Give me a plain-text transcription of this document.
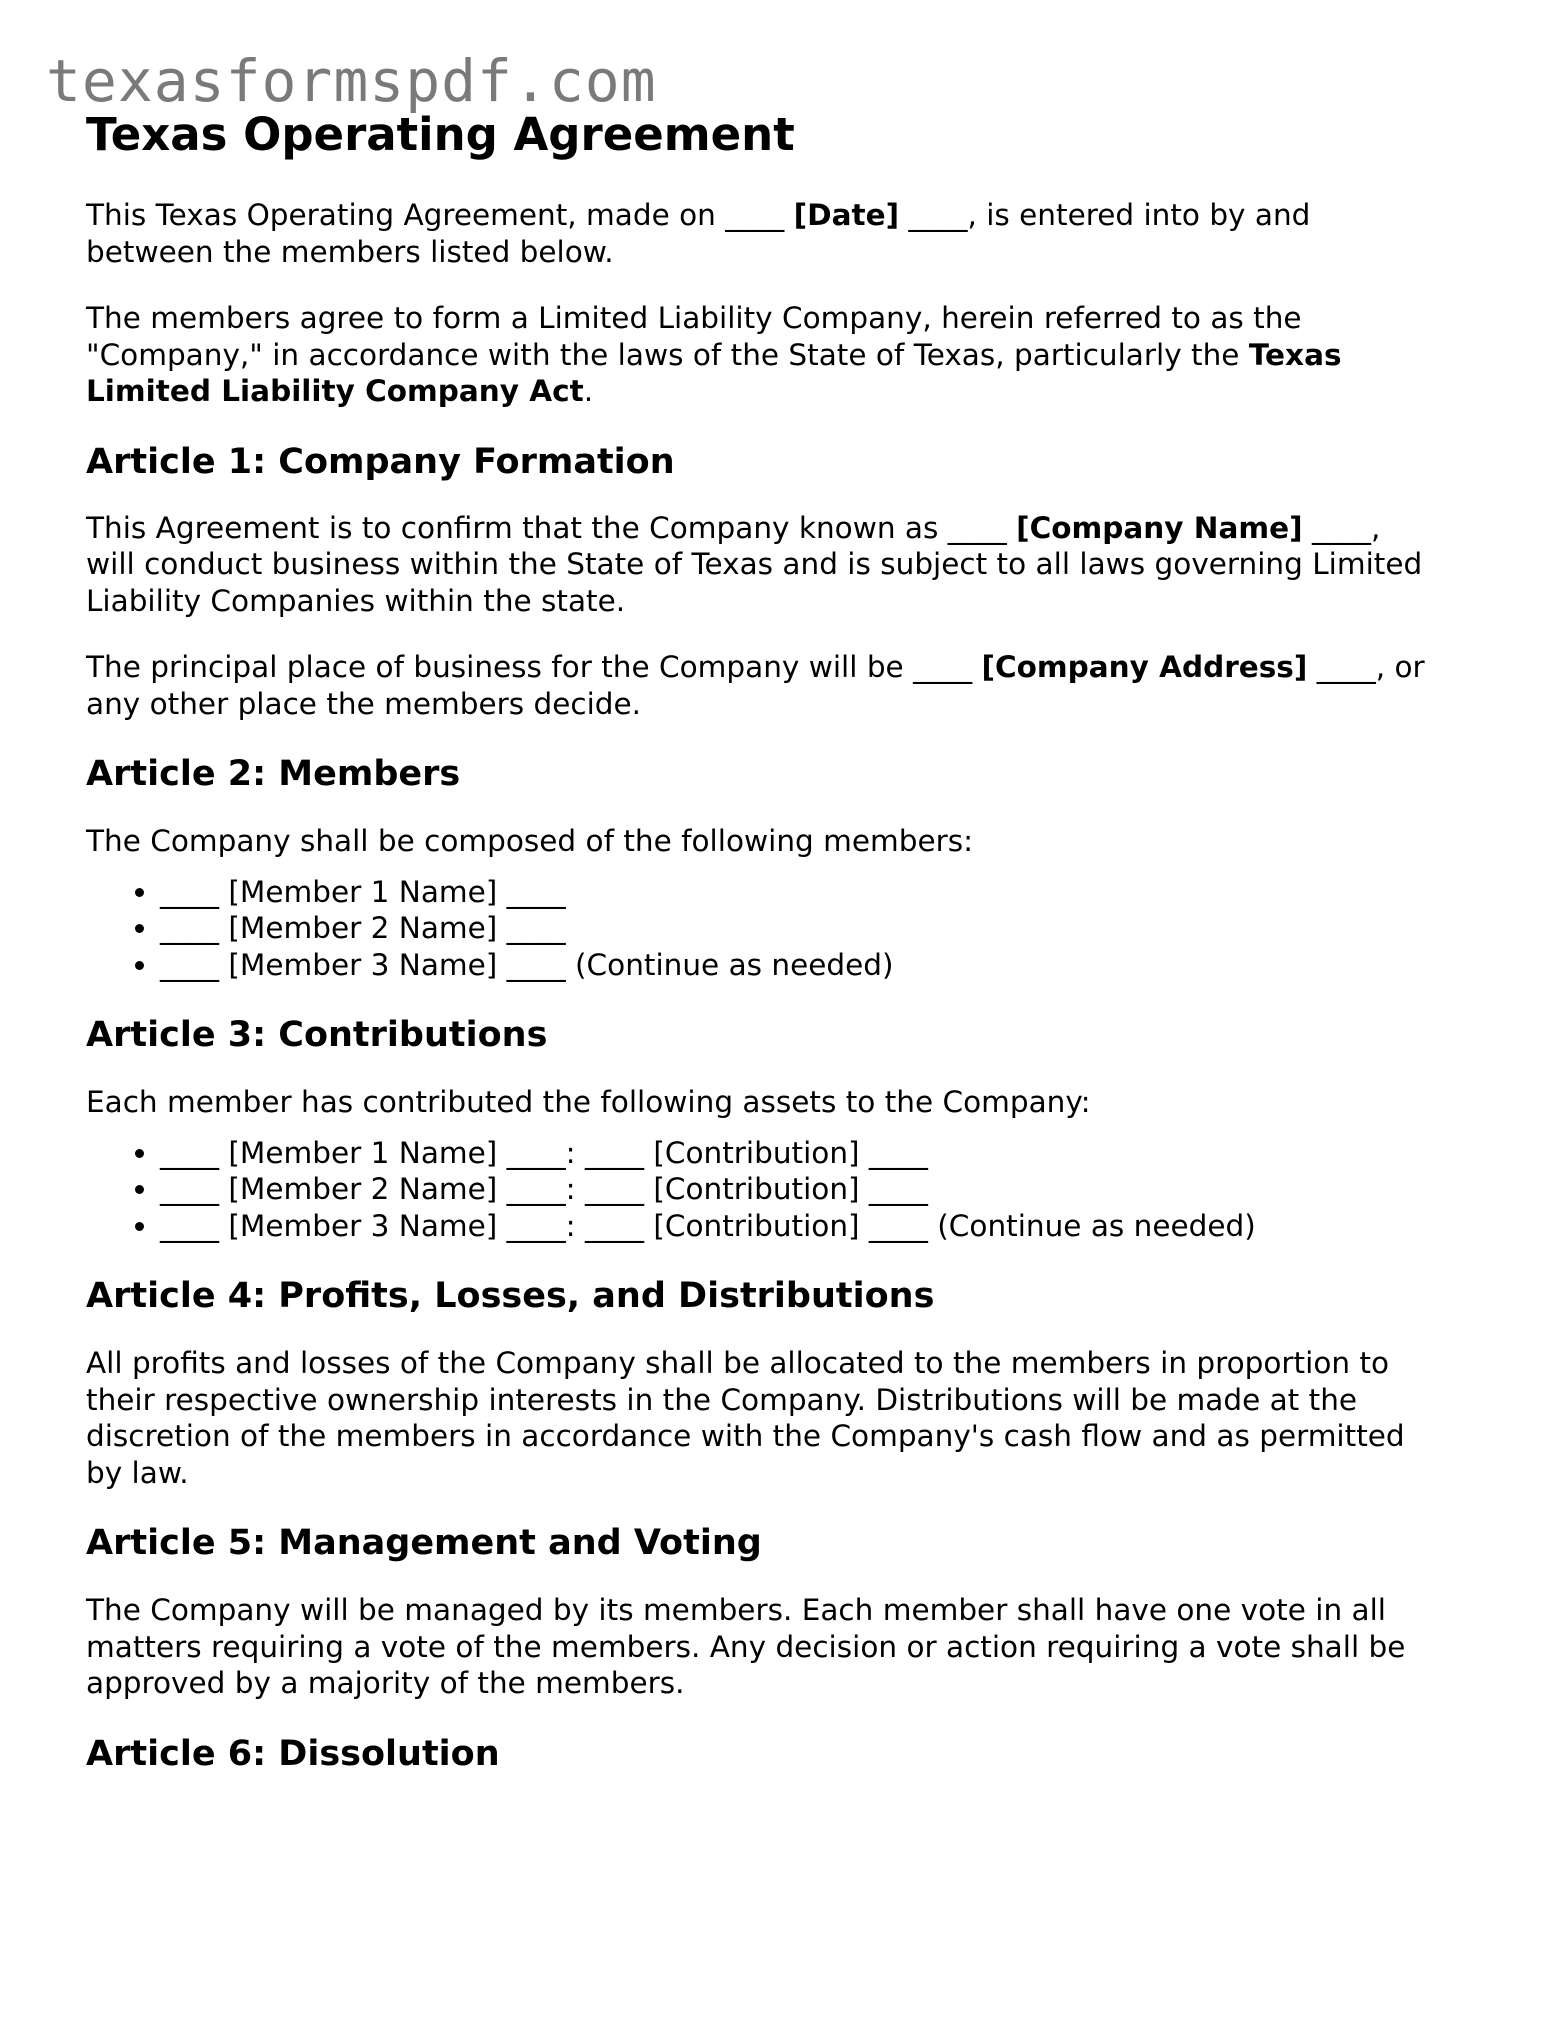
texasformspdf.com
Texas Operating Agreement

This Texas Operating Agreement, made on ____ [Date] ____, is entered into by and
between the members listed below.

The members agree to form a Limited Liability Company, herein referred to as the
"Company," in accordance with the laws of the State of Texas, particularly the Texas
Limited Liability Company Act.

Article 1: Company Formation

This Agreement is to confirm that the Company known as ____ [Company Name] ____,
will conduct business within the State of Texas and is subject to all laws governing Limited
Liability Companies within the state.

The principal place of business for the Company will be ____ [Company Address] ____, or
any other place the members decide.

Article 2: Members

The Company shall be composed of the following members:

• ____ [Member 1 Name] ____
• ____ [Member 2 Name] ____
• ____ [Member 3 Name] ____ (Continue as needed)
Article 3: Contributions

Each member has contributed the following assets to the Company:

• ____ [Member 1 Name] ____: ____ [Contribution] ____
• ____ [Member 2 Name] ____: ____ [Contribution] ____
• ____ [Member 3 Name] ____: ____ [Contribution] ____ (Continue as needed)
Article 4: Profits, Losses, and Distributions

All profits and losses of the Company shall be allocated to the members in proportion to
their respective ownership interests in the Company. Distributions will be made at the
discretion of the members in accordance with the Company's cash flow and as permitted
by law.

Article 5: Management and Voting

The Company will be managed by its members. Each member shall have one vote in all
matters requiring a vote of the members. Any decision or action requiring a vote shall be
approved by a majority of the members.

Article 6: Dissolution
